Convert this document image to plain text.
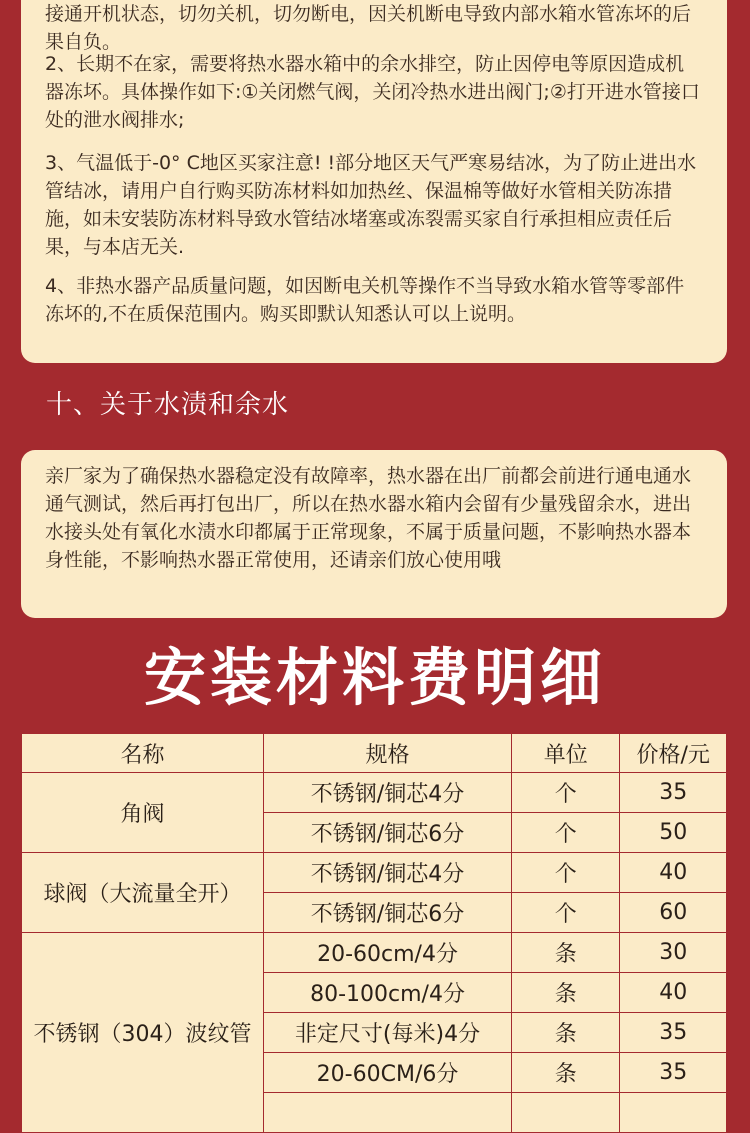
接通开机状态，切勿关机，切勿断电，因关机断电导致内部水箱水管冻坏的后果自负。

2、长期不在家，需要将热水器水箱中的余水排空，防止因停电等原因造成机器冻坏。具体操作如下:①关闭燃气阀，关闭冷热水进出阀门;②打开进水管接口处的泄水阀排水;

3、气温低于-0° C地区买家注意! !部分地区天气严寒易结冰，为了防止进出水管结冰，请用户自行购买防冻材料如加热丝、保温棉等做好水管相关防冻措施，如未安装防冻材料导致水管结冰堵塞或冻裂需买家自行承担相应责任后果，与本店无关.

4、非热水器产品质量问题，如因断电关机等操作不当导致水箱水管等零部件冻坏的,不在质保范围内。购买即默认知悉认可以上说明。

十、关于水渍和余水

亲厂家为了确保热水器稳定没有故障率，热水器在出厂前都会前进行通电通水通气测试，然后再打包出厂，所以在热水器水箱内会留有少量残留余水，进出水接头处有氧化水渍水印都属于正常现象，不属于质量问题，不影响热水器本身性能，不影响热水器正常使用，还请亲们放心使用哦

安装材料费明细
名称	规格	单位	价格/元
角阀	不锈钢/铜芯4分	个	35
	不锈钢/铜芯6分	个	50
球阀（大流量全开）	不锈钢/铜芯4分	个	40
	不锈钢/铜芯6分	个	60
不锈钢（304）波纹管	20-60cm/4分	条	30
	80-100cm/4分	条	40
	非定尺寸(每米)4分	条	35
	20-60CM/6分	条	35
